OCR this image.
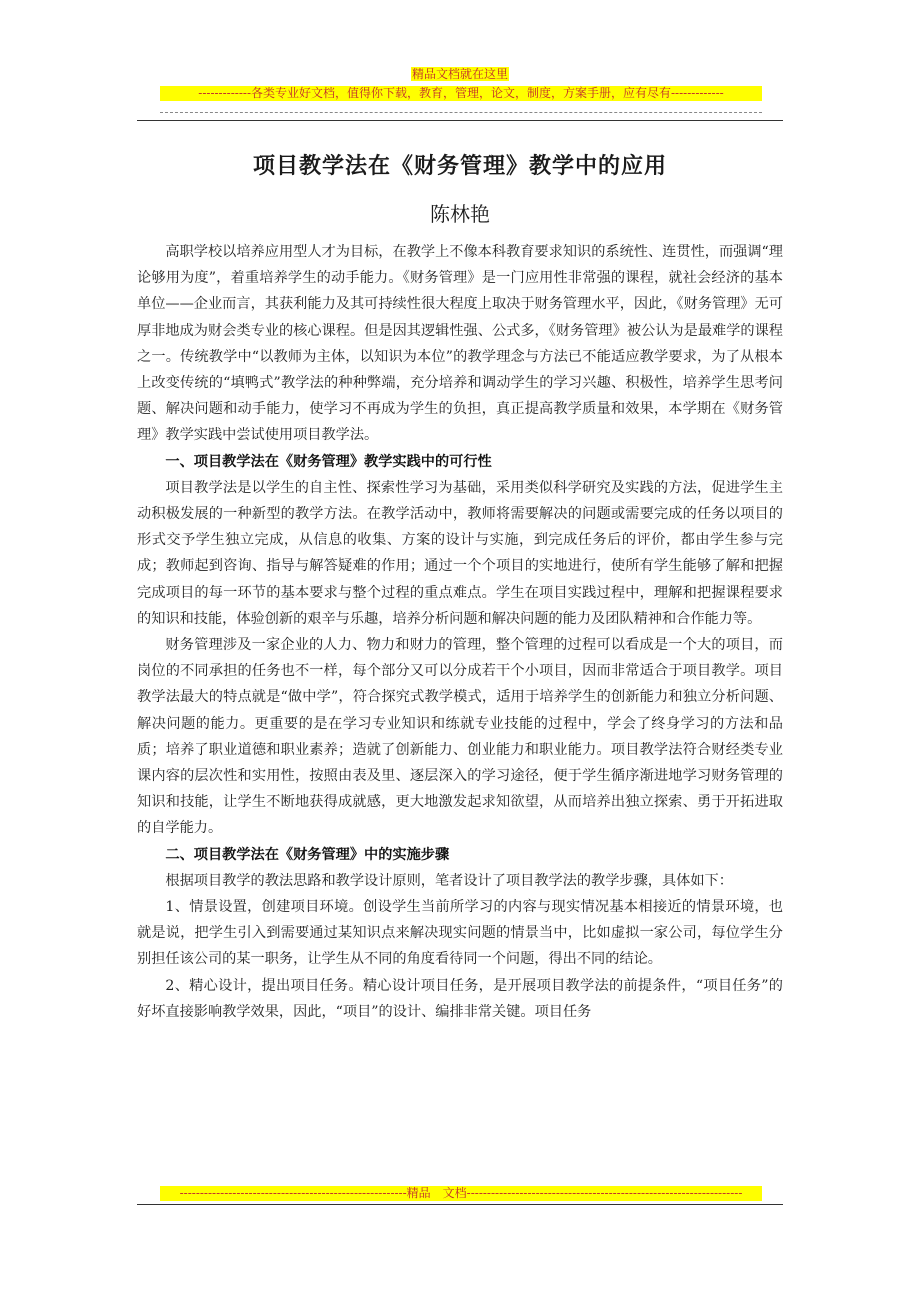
精品文档就在这里
-------------各类专业好文档，值得你下载，教育，管理，论文，制度，方案手册，应有尽有-------------
项目教学法在《财务管理》教学中的应用
陈林艳

高职学校以培养应用型人才为目标，在教学上不像本科教育要求知识的系统性、连贯性，而强调“理论够用为度”，着重培养学生的动手能力。《财务管理》是一门应用性非常强的课程，就社会经济的基本单位——企业而言，其获利能力及其可持续性很大程度上取决于财务管理水平，因此，《财务管理》无可厚非地成为财会类专业的核心课程。但是因其逻辑性强、公式多，《财务管理》被公认为是最难学的课程之一。传统教学中“以教师为主体，以知识为本位”的教学理念与方法已不能适应教学要求，为了从根本上改变传统的“填鸭式”教学法的种种弊端，充分培养和调动学生的学习兴趣、积极性，培养学生思考问题、解决问题和动手能力，使学习不再成为学生的负担，真正提高教学质量和效果，本学期在《财务管理》教学实践中尝试使用项目教学法。

一、项目教学法在《财务管理》教学实践中的可行性

项目教学法是以学生的自主性、探索性学习为基础，采用类似科学研究及实践的方法，促进学生主动积极发展的一种新型的教学方法。在教学活动中，教师将需要解决的问题或需要完成的任务以项目的形式交予学生独立完成，从信息的收集、方案的设计与实施，到完成任务后的评价，都由学生参与完成；教师起到咨询、指导与解答疑难的作用；通过一个个项目的实地进行，使所有学生能够了解和把握完成项目的每一环节的基本要求与整个过程的重点难点。学生在项目实践过程中，理解和把握课程要求的知识和技能，体验创新的艰辛与乐趣，培养分析问题和解决问题的能力及团队精神和合作能力等。

财务管理涉及一家企业的人力、物力和财力的管理，整个管理的过程可以看成是一个大的项目，而岗位的不同承担的任务也不一样，每个部分又可以分成若干个小项目，因而非常适合于项目教学。项目教学法最大的特点就是“做中学”，符合探究式教学模式，适用于培养学生的创新能力和独立分析问题、解决问题的能力。更重要的是在学习专业知识和练就专业技能的过程中，学会了终身学习的方法和品质；培养了职业道德和职业素养；造就了创新能力、创业能力和职业能力。项目教学法符合财经类专业课内容的层次性和实用性，按照由表及里、逐层深入的学习途径，便于学生循序渐进地学习财务管理的知识和技能，让学生不断地获得成就感，更大地激发起求知欲望，从而培养出独立探索、勇于开拓进取的自学能力。

二、项目教学法在《财务管理》中的实施步骤

根据项目教学的教法思路和教学设计原则，笔者设计了项目教学法的教学步骤，具体如下：

1、情景设置，创建项目环境。创设学生当前所学习的内容与现实情况基本相接近的情景环境，也就是说，把学生引入到需要通过某知识点来解决现实问题的情景当中，比如虚拟一家公司，每位学生分别担任该公司的某一职务，让学生从不同的角度看待同一个问题，得出不同的结论。

2、精心设计，提出项目任务。精心设计项目任务，是开展项目教学法的前提条件，“项目任务”的好坏直接影响教学效果，因此，“项目”的设计、编排非常关键。项目任务

--------------------------------------------------------精品　文档--------------------------------------------------------------------
